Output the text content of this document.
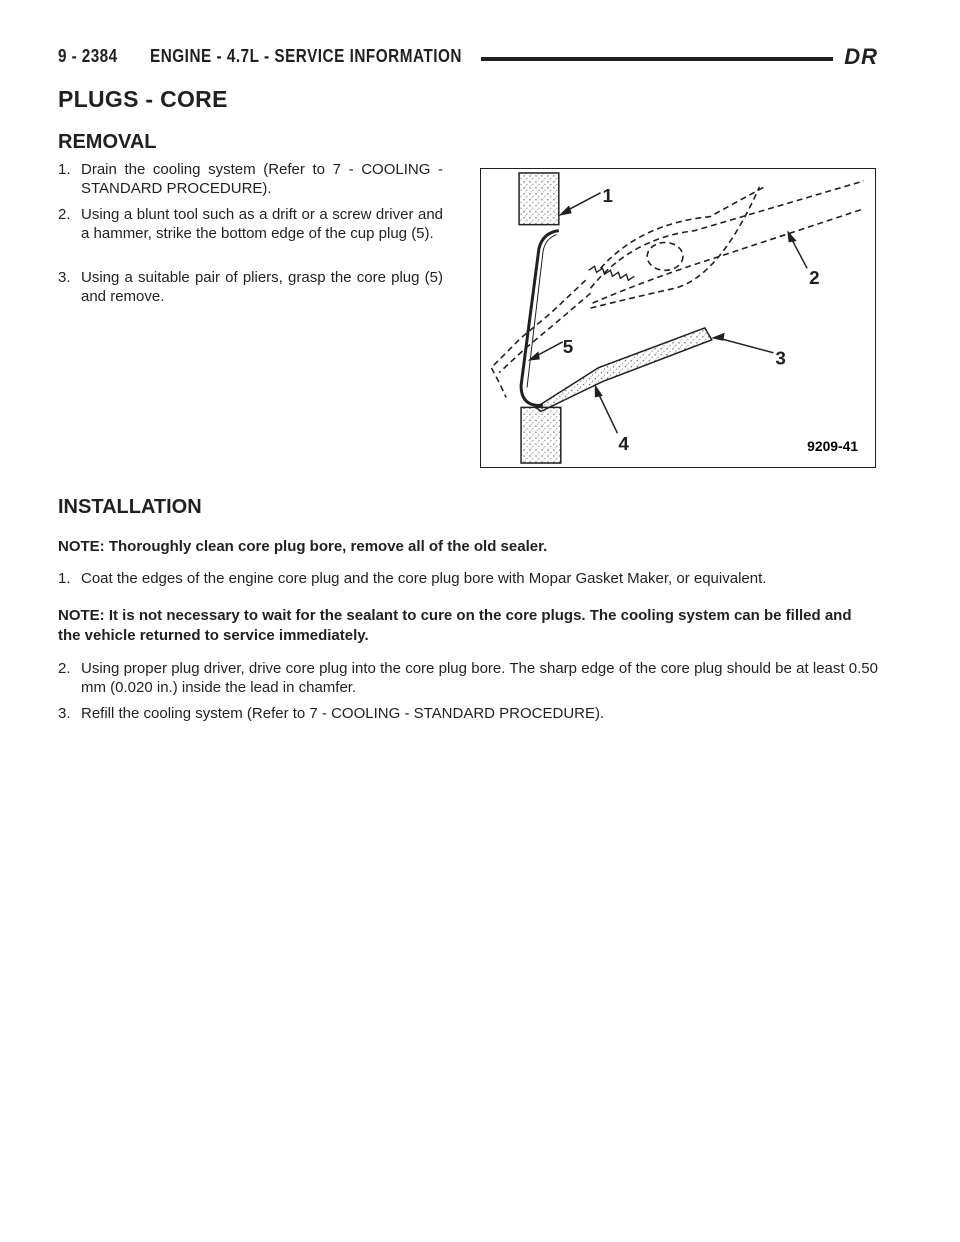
9 - 2384 ENGINE - 4.7L - SERVICE INFORMATION	DR
PLUGS - CORE
REMOVAL

1. Drain the cooling system (Refer to 7 - COOLING - STANDARD PROCEDURE).

2. Using a blunt tool such as a drift or a screw driver and a hammer, strike the bottom edge of the cup plug (5).

3. Using a suitable pair of pliers, grasp the core plug (5) and remove.

1
2
3
4
5
9209-41
INSTALLATION

NOTE: Thoroughly clean core plug bore, remove all of the old sealer.

1. Coat the edges of the engine core plug and the core plug bore with Mopar Gasket Maker, or equivalent.

NOTE: It is not necessary to wait for the sealant to cure on the core plugs. The cooling system can be filled and the vehicle returned to service immediately.

2. Using proper plug driver, drive core plug into the core plug bore. The sharp edge of the core plug should be at least 0.50 mm (0.020 in.) inside the lead in chamfer.

3. Refill the cooling system (Refer to 7 - COOLING - STANDARD PROCEDURE).
